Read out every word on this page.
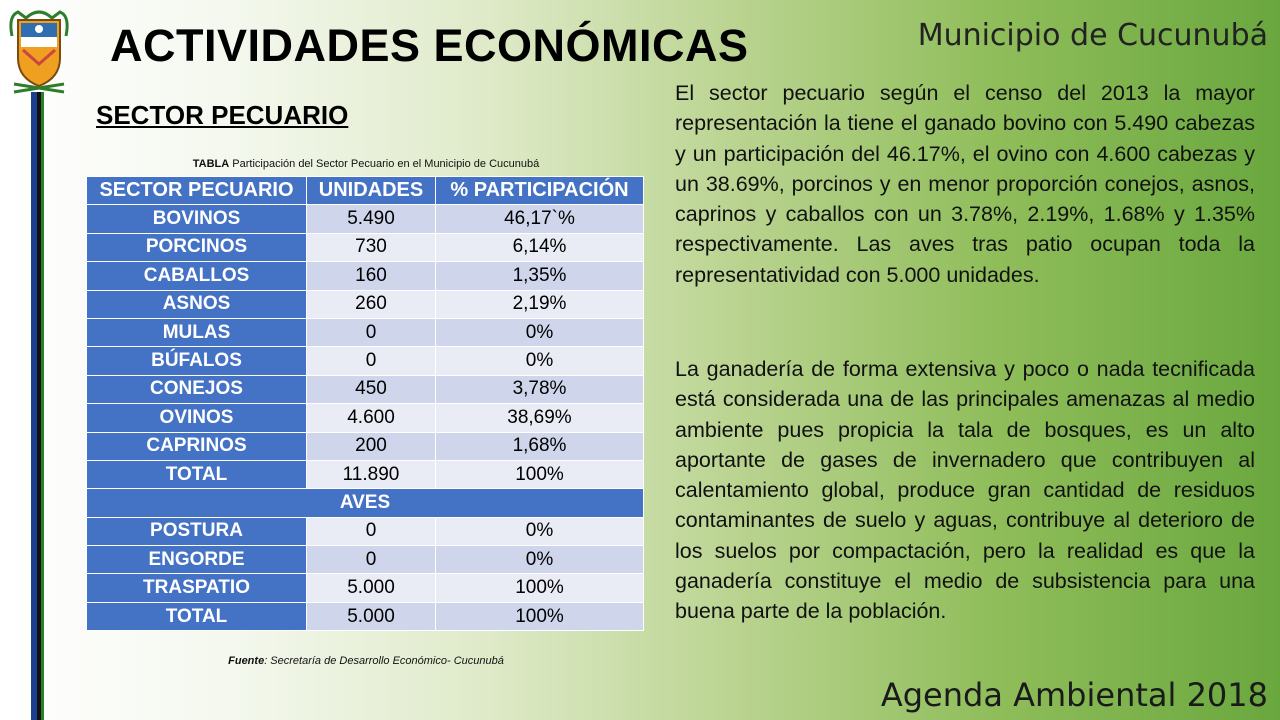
ACTIVIDADES ECONÓMICAS	Municipio de Cucunubá
SECTOR PECUARIO
TABLA Participación del Sector Pecuario en el Municipio de Cucunubá
SECTOR PECUARIO	UNIDADES	% PARTICIPACIÓN
BOVINOS	5.490	46,17`%
PORCINOS	730	6,14%
CABALLOS	160	1,35%
ASNOS	260	2,19%
MULAS	0	0%
BÚFALOS	0	0%
CONEJOS	450	3,78%
OVINOS	4.600	38,69%
CAPRINOS	200	1,68%
TOTAL	11.890	100%
AVES		
POSTURA	0	0%
ENGORDE	0	0%
TRASPATIO	5.000	100%
TOTAL	5.000	100%
Fuente: Secretaría de Desarrollo Económico- Cucunubá
El sector pecuario según el censo del 2013 la mayor representación la tiene el ganado bovino con 5.490 cabezas y un participación del 46.17%, el ovino con 4.600 cabezas y un 38.69%, porcinos y en menor proporción conejos, asnos, caprinos y caballos con un 3.78%, 2.19%, 1.68% y 1.35% respectivamente. Las aves tras patio ocupan toda la representatividad con 5.000 unidades.
La ganadería de forma extensiva y poco o nada tecnificada está considerada una de las principales amenazas al medio ambiente pues propicia la tala de bosques, es un alto aportante de gases de invernadero que contribuyen al calentamiento global, produce gran cantidad de residuos contaminantes de suelo y aguas, contribuye al deterioro de los suelos por compactación, pero la realidad es que la ganadería constituye el medio de subsistencia para una buena parte de la población.
Agenda Ambiental 2018
